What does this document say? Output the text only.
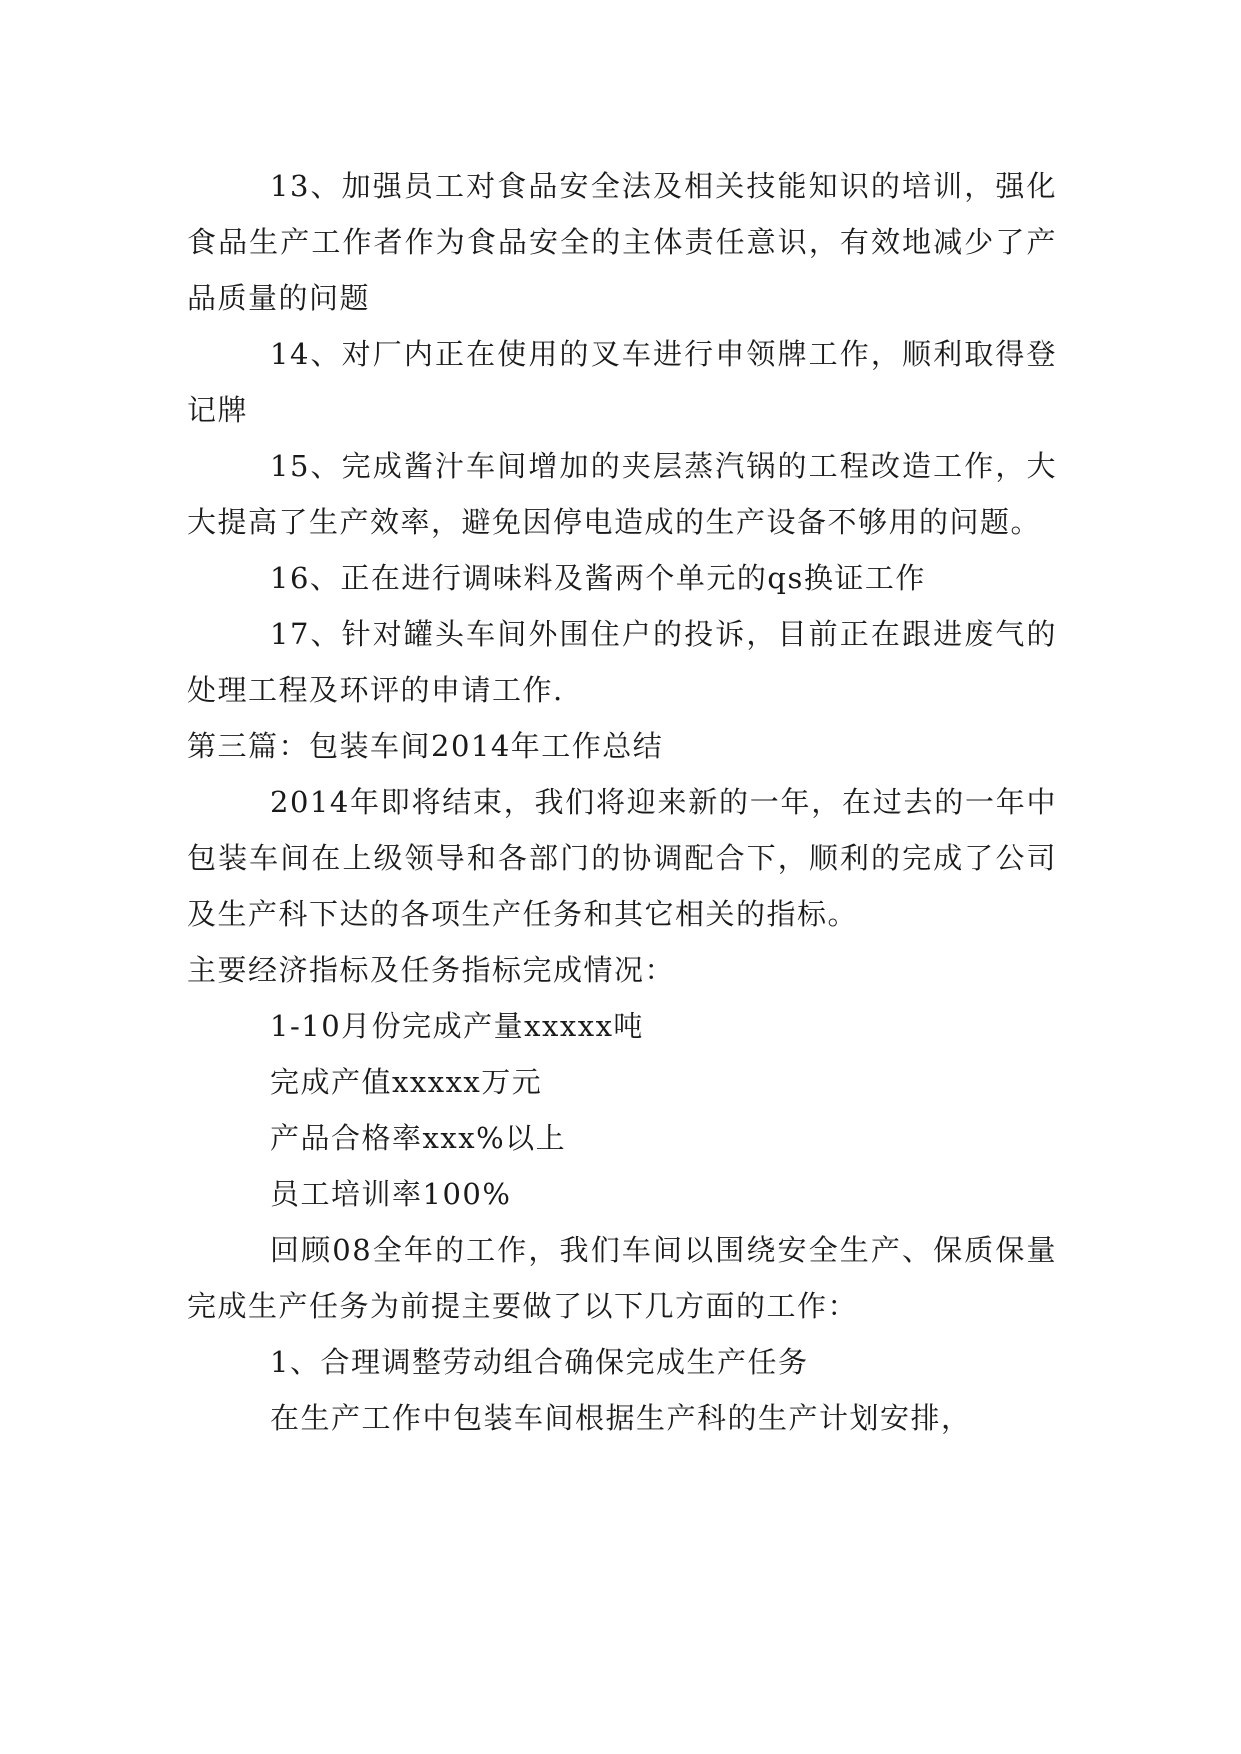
13、加强员工对食品安全法及相关技能知识的培训，强化食品生产工作者作为食品安全的主体责任意识，有效地减少了产品质量的问题

14、对厂内正在使用的叉车进行申领牌工作，顺利取得登记牌

15、完成酱汁车间增加的夹层蒸汽锅的工程改造工作，大大提高了生产效率，避免因停电造成的生产设备不够用的问题。

16、正在进行调味料及酱两个单元的qs换证工作

17、针对罐头车间外围住户的投诉，目前正在跟进废气的处理工程及环评的申请工作.

第三篇：包装车间2014年工作总结

2014年即将结束，我们将迎来新的一年，在过去的一年中包装车间在上级领导和各部门的协调配合下，顺利的完成了公司及生产科下达的各项生产任务和其它相关的指标。

主要经济指标及任务指标完成情况：

1-10月份完成产量xxxxx吨

完成产值xxxxx万元

产品合格率xxx%以上

员工培训率100%

回顾08全年的工作，我们车间以围绕安全生产、保质保量完成生产任务为前提主要做了以下几方面的工作：

1、合理调整劳动组合确保完成生产任务

在生产工作中包装车间根据生产科的生产计划安排，
